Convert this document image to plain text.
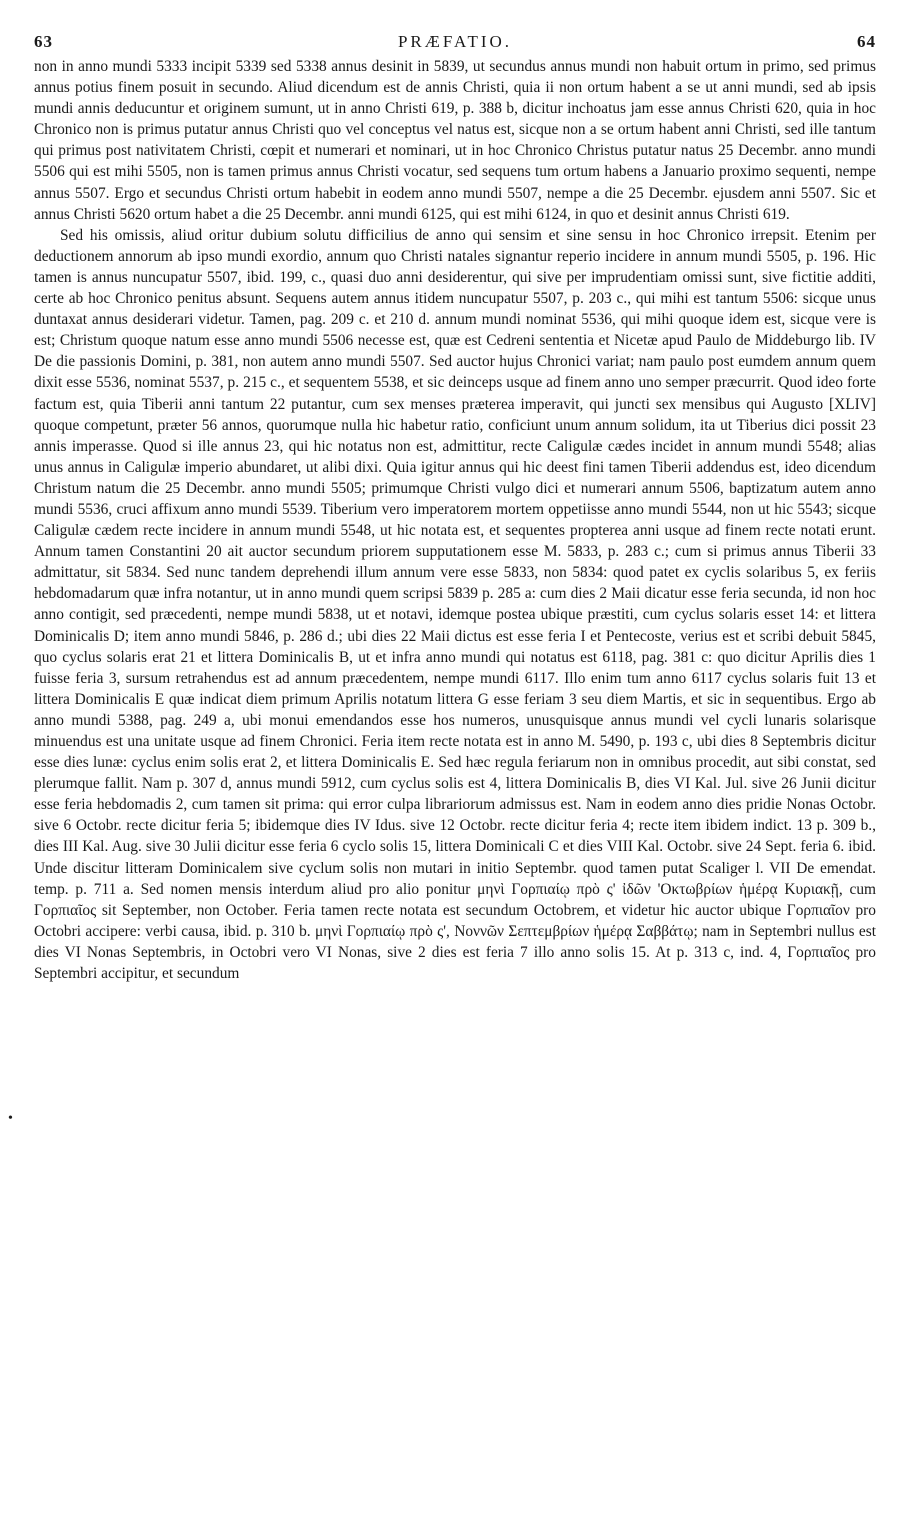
63	PRÆFATIO.	64

non in anno mundi 5333 incipit 5339 sed 5338 annus desinit in 5839, ut secundus annus mundi non habuit ortum in primo, sed primus annus potius finem posuit in secundo. Aliud dicendum est de annis Christi, quia ii non ortum habent a se ut anni mundi, sed ab ipsis mundi annis deducuntur et originem sumunt, ut in anno Christi 619, p. 388 b, dicitur inchoatus jam esse annus Christi 620, quia in hoc Chronico non is primus putatur annus Christi quo vel conceptus vel natus est, sicque non a se ortum habent anni Christi, sed ille tantum qui primus post nativitatem Christi, cœpit et numerari et nominari, ut in hoc Chronico Christus putatur natus 25 Decembr. anno mundi 5506 qui est mihi 5505, non is tamen primus annus Christi vocatur, sed sequens tum ortum habens a Januario proximo sequenti, nempe annus 5507. Ergo et secundus Christi ortum habebit in eodem anno mundi 5507, nempe a die 25 Decembr. ejusdem anni 5507. Sic et annus Christi 5620 ortum habet a die 25 Decembr. anni mundi 6125, qui est mihi 6124, in quo et desinit annus Christi 619.

Sed his omissis, aliud oritur dubium solutu difficilius de anno qui sensim et sine sensu in hoc Chronico irrepsit. Etenim per deductionem annorum ab ipso mundi exordio, annum quo Christi natales signantur reperio incidere in annum mundi 5505, p. 196. Hic tamen is annus nuncupatur 5507, ibid. 199, c., quasi duo anni desiderentur, qui sive per imprudentiam omissi sunt, sive fictitie additi, certe ab hoc Chronico penitus absunt. Sequens autem annus itidem nuncupatur 5507, p. 203 c., qui mihi est tantum 5506: sicque unus duntaxat annus desiderari videtur. Tamen, pag. 209 c. et 210 d. annum mundi nominat 5536, qui mihi quoque idem est, sicque vere is est; Christum quoque natum esse anno mundi 5506 necesse est, quæ est Cedreni sententia et Nicetæ apud Paulo de Middeburgo lib. IV De die passionis Domini, p. 381, non autem anno mundi 5507. Sed auctor hujus Chronici variat; nam paulo post eumdem annum quem dixit esse 5536, nominat 5537, p. 215 c., et sequentem 5538, et sic deinceps usque ad finem anno uno semper præcurrit. Quod ideo forte factum est, quia Tiberii anni tantum 22 putantur, cum sex menses præterea imperavit, qui juncti sex mensibus qui Augusto [XLIV] quoque competunt, præter 56 annos, quorumque nulla hic habetur ratio, conficiunt unum annum solidum, ita ut Tiberius dici possit 23 annis imperasse. Quod si ille annus 23, qui hic notatus non est, admittitur, recte Caligulæ cædes incidet in annum mundi 5548; alias unus annus in Caligulæ imperio abundaret, ut alibi dixi. Quia igitur annus qui hic deest fini tamen Tiberii addendus est, ideo dicendum Christum natum die 25 Decembr. anno mundi 5505; primumque Christi vulgo dici et numerari annum 5506, baptizatum autem anno mundi 5536, cruci affixum anno mundi 5539. Tiberium vero imperatorem mortem oppetiisse anno mundi 5544, non ut hic 5543; sicque Caligulæ cædem recte incidere in annum mundi 5548, ut hic notata est, et sequentes propterea anni usque ad finem recte notati erunt. Annum tamen Constantini 20 ait auctor secundum priorem supputationem esse M. 5833, p. 283 c.; cum si primus annus Tiberii 33 admittatur, sit 5834. Sed nunc tandem deprehendi illum annum vere esse 5833, non 5834: quod patet ex cyclis solaribus 5, ex feriis hebdomadarum quæ infra notantur, ut in anno mundi quem scripsi 5839 p. 285 a: cum dies 2 Maii dicatur esse feria secunda, id non hoc anno contigit, sed præcedenti, nempe mundi 5838, ut et notavi, idemque postea ubique præstiti, cum cyclus solaris esset 14: et littera Dominicalis D; item anno mundi 5846, p. 286 d.; ubi dies 22 Maii dictus est esse feria I et Pentecoste, verius est et scribi debuit 5845, quo cyclus solaris erat 21 et littera Dominicalis B, ut et infra anno mundi qui notatus est 6118, pag. 381 c: quo dicitur Aprilis dies 1 fuisse feria 3, sursum retrahendus est ad annum præcedentem, nempe mundi 6117. Illo enim tum anno 6117 cyclus solaris fuit 13 et littera Dominicalis E quæ indicat diem primum Aprilis notatum littera G esse feriam 3 seu diem Martis, et sic in sequentibus. Ergo ab anno mundi 5388, pag. 249 a, ubi monui emendandos esse hos numeros, unusquisque annus mundi vel cycli lunaris solarisque minuendus est una unitate usque ad finem Chronici. Feria item recte notata est in anno M. 5490, p. 193 c, ubi dies 8 Septembris dicitur esse dies lunæ: cyclus enim solis erat 2, et littera Dominicalis E. Sed hæc regula feriarum non in omnibus procedit, aut sibi constat, sed plerumque fallit. Nam p. 307 d, annus mundi 5912, cum cyclus solis est 4, littera Dominicalis B, dies VI Kal. Jul. sive 26 Junii dicitur esse feria hebdomadis 2, cum tamen sit prima: qui error culpa librariorum admissus est. Nam in eodem anno dies pridie Nonas Octobr. sive 6 Octobr. recte dicitur feria 5; ibidemque dies IV Idus. sive 12 Octobr. recte dicitur feria 4; recte item ibidem indict. 13 p. 309 b., dies III Kal. Aug. sive 30 Julii dicitur esse feria 6 cyclo solis 15, littera Dominicali C et dies VIII Kal. Octobr. sive 24 Sept. feria 6. ibid. Unde discitur litteram Dominicalem sive cyclum solis non mutari in initio Septembr. quod tamen putat Scaliger l. VII De emendat. temp. p. 711 a. Sed nomen mensis interdum aliud pro alio ponitur μηνὶ Γορπιαίῳ πρὸ ς' ἰδῶν 'Οκτωβρίων ἡμέρᾳ Κυριακῇ, cum Γορπιαῖος sit September, non October. Feria tamen recte notata est secundum Octobrem, et videtur hic auctor ubique Γορπιαῖον pro Octobri accipere: verbi causa, ibid. p. 310 b. μηνὶ Γορπιαίῳ πρὸ ς', Νοννῶν Σεπτεμβρίων ἡμέρᾳ Σαββάτῳ; nam in Septembri nullus est dies VI Nonas Septembris, in Octobri vero VI Nonas, sive 2 dies est feria 7 illo anno solis 15. At p. 313 c, ind. 4, Γορπιαῖος pro Septembri accipitur, et secundum

•
